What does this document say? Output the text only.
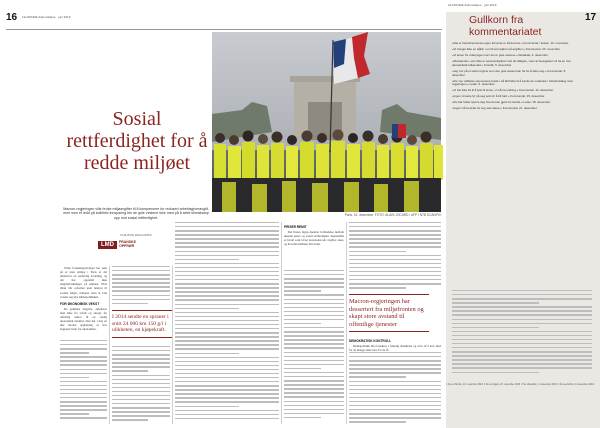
16 LE MONDE diplomatique · juni 2019
Sosial rettferdighet for å redde miljøet
Macron-regjeringen ville bruke miljøavgifter til å kompensere for redusert arbeidsgiveravgift, men som et ledd på kollektiv innsparing ble de gule vestene ikke med på å sette klimakamp opp mot sosial rettferdighet.
PHILIPPE DESCAMPS
LMD	FRANSKE
OPPRØR
Paris, 15. desember. FOTO: ALAIN JOCARD / AFP / NTB SCANPIX

Tallet forskningsutvalget har pekt på er uten utslipp i Paris at det innebærer en rettferdig fordeling, og det har oppnådd ikke langtidsvirkninger på klimaet. Hvis tiltak blir utformet uten hensyn til sosiale følger, risikerer man at folk vender seg mot klimapolitikken.

FOR ØKONOMISK VEKST

Da gamlene begynte, sirkulerer man ikke fra avfall og energi, fra offentlig sektor til en vanlig økonomisk struktur. Den har i dag en mer moden oppfatning av hva begrepet betyr for økonomien.

I 2014 sendte en spraner i snitt 24 000 km 150 g/l i ulikheten, en kjøpekraft.
PRISER REMIT

Det finnes ingen åpenbar forbindelse mellom økende priser og sosial rettferdighet. Spørsmålet er hvem som bærer kostnaden når avgifter økes, og hvordan midlene blir brukt.

Macron-regjeringen har dessertert fra miljøfronten og skapt store avstand til offentlige tjenester
DEMOKRATISK KONTROLL

Klimapolitikk må forankres i folkelig deltakelse og være til å leve med for de mange, ikke bare for de få.

17
LE MONDE diplomatique · juni 2019
Gullkorn fra kommentariatet
«Det er franskmennenes egen feil at de er så dumme.» Kommentar i avisen, 10. november.
«Vi trenger ikke en sjåfør i en bil som kjører på avgiften.» Kommentar, 23. november.
«Vi anser for ordet jagen som det er gule vestene.» Redaktør, 4. desember.
«Motstanden, som ikke er sammenlignbar med de tidligere, viser at bevegelsen vil ha en mer demokratisk folkemakt.» Kronikk, 5. desember.
«Jeg tror på et sterkt regime som den gule vesten kan ha for å sikre seg.» Kommentar, 8. desember.
«De mer militante elementene burde i så fall bidra til å samle de moderate i fortsatt dialog med regjeringen.» Leder, 9. desember.
«Vi har ikke tid til å lytte til sinne, vi må ha endring.» Kommentar, 12. desember.
«Ingen vil sette fyr på seg selv for å bli hørt.» Kommentar, 15. desember.
«Du bør heller spørre deg hva du kan gjøre for landet.» Leder, 18. desember.
«Ingen må ta dette for seg selv alene.» Kommentar, 21. desember.
1 Se Le Monde, 10. november 2018. 2 Se Le Figaro, 23. november 2018. 3 Se Libération, 4. desember 2018. 4 Se Les Echos, 8. desember 2018.
